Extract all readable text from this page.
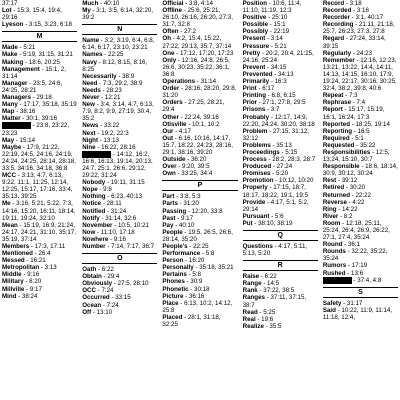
37:17
Lot - 15:3, 15:4, 19:4, 29:16
Lyeson - 3:15, 3:23, 6:18
M
Made - 5:21
Make - 5:19, 31:15, 31:21
Making - 18:6, 20:25
Management - 15:1, 2, 31:14
Manager - 23:5, 24:6, 24:25, 28:21
Managers - 29:18
Many - 17:17, 35:18, 35:19
Map - 38:16
Matter - 30:1, 39:16
XXXXXXX - 23:8, 23:22, 23:23
May - 15:14
Maybe - 17:9, 21:22, 22:19, 24:5, 24:16, 24:19, 24:24, 24:25, 28:14, 28:18, 33:5, 34:16, 34:18, 36:8
MCC - 3:13, 4:7, 6:13, 9:22, 11:1, 11:25, 12:14, 12:25, 15:17, 17:16, 33:4, 35:13, 39:25
Me - 3:16, 5:21, 5:22, 7:3, 14:16, 15:20, 16:11, 18:14, 19:11, 19:24, 32:10
Mean - 15:19, 16:9, 21:24, 24:17, 24:21, 31:10, 35:17, 35:19, 37:14
Members - 17:3, 17:11
Mentioned - 26:4
Messed - 16:21
Metropolitan - 3:13
Middle - 9:16
Military - 8:20
Millville - 9:17
Mind - 38:24
Much - 40:10
My - 3:1, 3:5, 6:14, 32:20, 39:2
N
Name - 3:2, 3:19, 6:4, 6:8, 6:14, 6:17, 23:10, 23:21
Names - 22:25
Navy - 8:12, 8:15, 8:16, 8:25
Necessarily - 38:9
Need - 7:3, 29:2, 38:9
Needs - 28:23
Never - 12:21
New - 3:4, 3:14, 4:7, 6:13, 7:9, 8:2, 9:9, 27:19, 30:4, 35:2
News - 33:22
Next - 19:2, 22:3
Night - 13:13
Nine - 16:22, 28:16
XXXXXXX - 14:12, 16:2, 16:6, 16:13, 19:14, 20:13, 24:7, 25:1, 26:6, 29:12, 29:22, 31:24
Nobody - 19:11, 31:15
Nope - 9:8
Nothing - 6:23, 40:13
Notice - 28:11
Notified - 31:24
Notify - 31:14, 32:6
November - 10:5, 10:21
Now - 11:10, 17:18
Nowhere - 9:16
Number - 7:14, 7:17, 36:7
O
Oath - 6:22
Obtain - 29:4
Obviously - 27:5, 28:10
OCC - 7:24
Occurred - 33:15
Ocean - 7:24
Off - 13:10
Official - 3:8, 4:14
Offline - 25:6, 25:21, 26:10, 26:16, 26:20, 27:3, 31:7, 32:8
Often - 27:2
Oh - 4:2, 15:4, 15:22, 27:22, 29:13, 35:7, 37:14
One - 17:12, 17:20, 17:23
Only - 12:16, 24:8, 26:5, 26:6, 30:23, 35:22, 36:1, 36:8
Operations - 31:14
Order - 28:16, 28:20, 29:8, 31:20
Orders - 27:25, 28:21, 29:4
Other - 22:24, 39:16
Otisville - 10:1, 10:2
Our - 4:17
Out - 6:16, 10:16, 14:17, 15:7, 18:22, 24:23, 28:16, 29:1, 38:16, 39:20
Outside - 36:20
Over - 9:20, 39:5
Own - 33:25, 34:4
P
Part - 3:8, 5:3
Parts - 31:20
Passing - 12:20, 33:8
Past - 9:17
Pay - 40:10
People - 19:5, 26:5, 26:6, 28:14, 35:20
People's - 22:25
Performance - 5:8
Person - 16:20
Personally - 35:18, 35:21
Pertains - 5:8
Phones - 30:9
Phonetic - 30:18
Picture - 36:16
Place - 6:13, 10:2, 14:12, 25:8
Placed - 28:1, 31:18, 32:25
Position - 10:6, 11:4, 11:10, 11:19, 12:3
Positive - 25:10
Possible - 15:1
Possibly - 22:19
Present - 3:14
Pressure - 5:21
Pretty - 20:2, 20:4, 21:25, 24:16, 25:24
Prevent - 34:15
Prevented - 34:13
Primarily - 16:3
Print - 6:17
Printing - 6:8, 6:15
Prior - 27:1, 27:8, 29:5
Prisons - 3:7
Probably - 12:17, 14:9, 22:20, 24:24, 30:20, 38:18
Problem - 27:15, 31:12, 32:12
Problems - 35:13
Proceedings - 5:15
Process - 28:2, 28:3, 28:7
Produced - 27:24
Promises - 5:20
Promotion - 10:12, 10:20
Properly - 17:15, 18:7, 18:17, 18:22, 19:1, 19:5
Provide - 4:17, 5:1, 5:2, 29:14
Pursuant - 5:6
Put - 38:10, 38:19
Q
Questions - 4:17, 5:11, 5:13, 5:20
R
Raise - 6:22
Range - 14:5
Rank - 37:22, 38:5
Ranges - 37:11, 37:15, 38:7
Read - 5:25
Real - 19:6
Realize - 35:5
Record - 3:18
Recorded - 3:16
Recorder - 3:1, 40:17
Recording - 21:11, 21:18, 25:7, 26:23, 27:3, 27:8
Regard - 27:24, 33:14, 39:15
Regularly - 24:23
Remember - 12:16, 12:23, 13:21, 13:22, 14:4, 14:11, 14:13, 14:15, 16:10, 17:9, 19:24, 22:17, 30:16, 30:25, 32:4, 38:2, 39:8, 40:6
Repeat - 7:3
Rephrase - 7:4
Report - 15:17, 15:19, 16:1, 16:24, 17:3
Reported - 18:25, 19:14
Reporting - 16:5
Required - 5:1
Requested - 35:22
Responsibilities - 12:5, 13:24, 15:10, 30:7
Responsible - 18:6, 18:14, 30:9, 30:12, 30:24
Rest - 39:12
Retired - 30:20
Returned - 22:22
Reverse - 4:22
Ring - 14:22
River - 8:2
Room - 12:18, 25:11, 25:24, 26:4, 26:9, 26:22, 27:1, 27:4, 35:24
Round - 36:1
Rounds - 32:22, 35:22, 35:24
Rumors - 17:19
Rushed - 13:6
XXXXXXX - 37:4, 4:8
S
Safety - 31:17
Said - 10:22, 11:9, 11:14, 11:18, 12:4,
